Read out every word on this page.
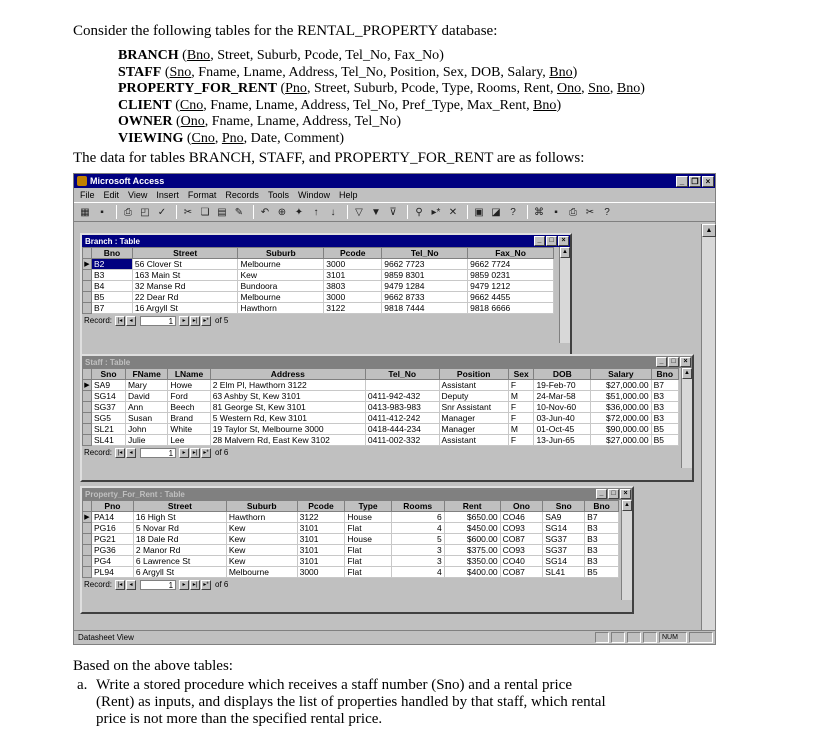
Consider the following tables for the RENTAL_PROPERTY database:
BRANCH (Bno, Street, Suburb, Pcode, Tel_No, Fax_No)
STAFF (Sno, Fname, Lname, Address, Tel_No, Position, Sex, DOB, Salary, Bno)
PROPERTY_FOR_RENT (Pno, Street, Suburb, Pcode, Type, Rooms, Rent, Ono, Sno, Bno)
CLIENT (Cno, Fname, Lname, Address, Tel_No, Pref_Type, Max_Rent, Bno)
OWNER (Ono, Fname, Lname, Address, Tel_No)
VIEWING (Cno, Pno, Date, Comment)
The data for tables BRANCH, STAFF, and PROPERTY_FOR_RENT are as follows:
Microsoft Access	_ ❐ ×
File Edit View Insert Format Records Tools Window Help
▦	▪	⎙ ◰ ✓ ✂ ❏ ▤ ✎ ↶ ⊕ ✦	↑	↓	▽ ▼ ⊽	⚲ ▸* ✕ ▣ ◪ ?	⌘	▪	⎙ ✂	?
Branch : Table	_	□	×
	Bno	Street	Suburb	Pcode	Tel_No	Fax_No
▶	B2	56 Clover St	Melbourne	3000	9662 7723	9662 7724
	B3	163 Main St	Kew	3101	9859 8301	9859 0231
	B4	32 Manse Rd	Bundoora	3803	9479 1284	9479 1212
	B5	22 Dear Rd	Melbourne	3000	9662 8733	9662 4455
	B7	16 Argyll St	Hawthorn	3122	9818 7444	9818 6666
▲
Record: |◂	◂	1	▸	▸|	▸* of 5
Staff : Table	_	□	×
	Sno	FName	LName	Address	Tel_No	Position	Sex	DOB	Salary	Bno
▶	SA9	Mary	Howe	2 Elm Pl, Hawthorn 3122		Assistant	F	19-Feb-70	$27,000.00	B7
	SG14	David	Ford	63 Ashby St, Kew 3101	0411-942-432	Deputy	M	24-Mar-58	$51,000.00	B3
	SG37	Ann	Beech	81 George St, Kew 3101	0413-983-983	Snr Assistant	F	10-Nov-60	$36,000.00	B3
	SG5	Susan	Brand	5 Western Rd, Kew 3101	0411-412-242	Manager	F	03-Jun-40	$72,000.00	B3
	SL21	John	White	19 Taylor St, Melbourne 3000	0418-444-234	Manager	M	01-Oct-45	$90,000.00	B5
	SL41	Julie	Lee	28 Malvern Rd, East Kew 3102	0411-002-332	Assistant	F	13-Jun-65	$27,000.00	B5
▲
Record: |◂	◂	1	▸	▸|	▸* of 6
Property_For_Rent : Table	_	□	×
	Pno	Street	Suburb	Pcode	Type	Rooms	Rent	Ono	Sno	Bno
▶	PA14	16 High St	Hawthorn	3122	House	6	$650.00	CO46	SA9	B7
	PG16	5 Novar Rd	Kew	3101	Flat	4	$450.00	CO93	SG14	B3
	PG21	18 Dale Rd	Kew	3101	House	5	$600.00	CO87	SG37	B3
	PG36	2 Manor Rd	Kew	3101	Flat	3	$375.00	CO93	SG37	B3
	PG4	6 Lawrence St	Kew	3101	Flat	3	$350.00	CO40	SG14	B3
	PL94	6 Argyll St	Melbourne	3000	Flat	4	$400.00	CO87	SL41	B5
▲
Record: |◂	◂	1	▸	▸|	▸* of 6
▲
Datasheet View	NUM
Based on the above tables:
a. Write a stored procedure which receives a staff number (Sno) and a rental price
(Rent) as inputs, and displays the list of properties handled by that staff, which rental
price is not more than the specified rental price.
